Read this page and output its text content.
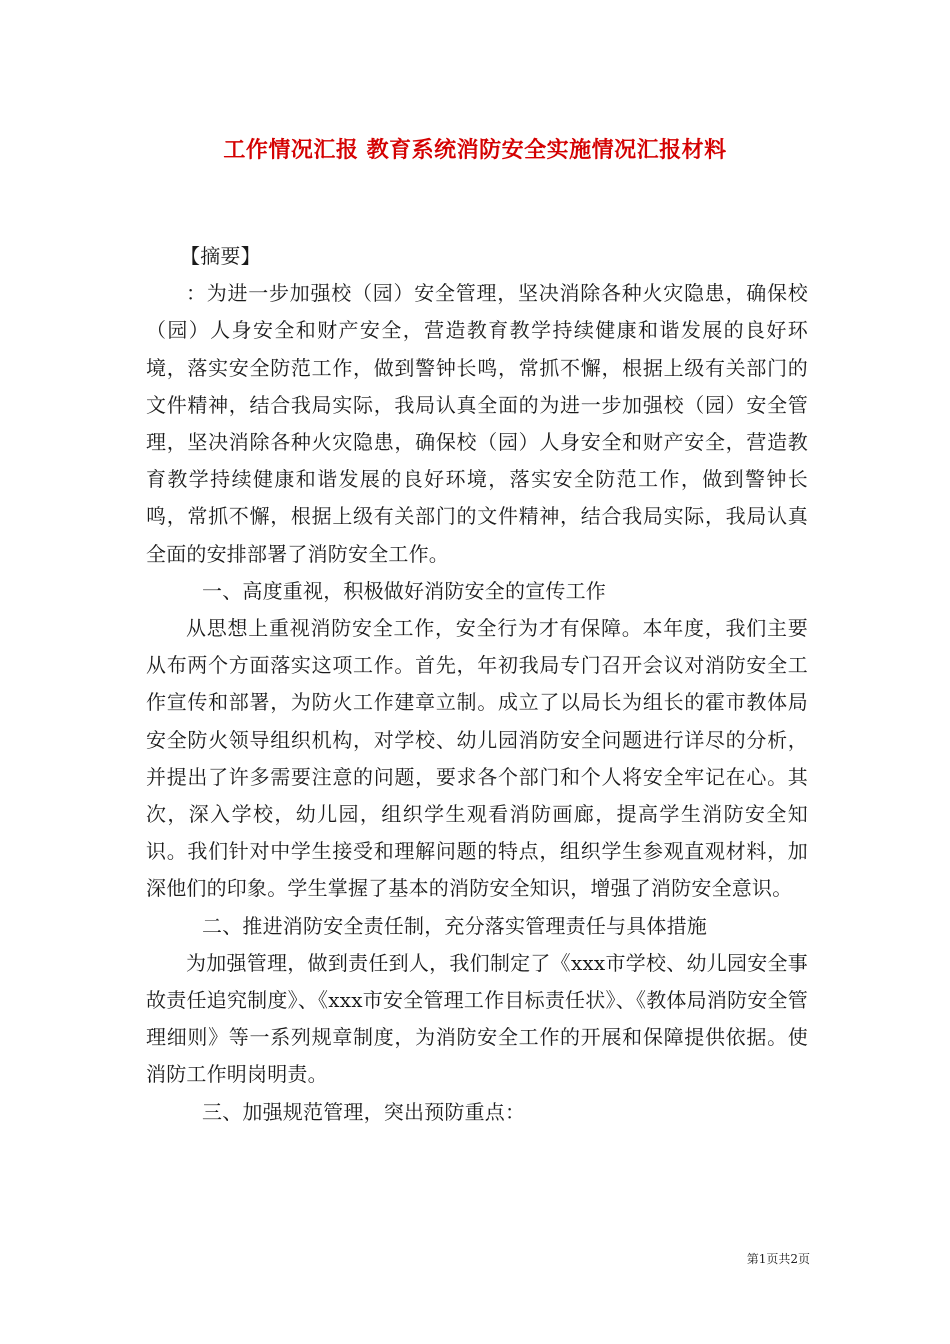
工作情况汇报 教育系统消防安全实施情况汇报材料

【摘要】

：为进一步加强校（园）安全管理，坚决消除各种火灾隐患，确保校（园）人身安全和财产安全，营造教育教学持续健康和谐发展的良好环境，落实安全防范工作，做到警钟长鸣，常抓不懈，根据上级有关部门的文件精神，结合我局实际，我局认真全面的为进一步加强校（园）安全管理，坚决消除各种火灾隐患，确保校（园）人身安全和财产安全，营造教育教学持续健康和谐发展的良好环境，落实安全防范工作，做到警钟长鸣，常抓不懈，根据上级有关部门的文件精神，结合我局实际，我局认真全面的安排部署了消防安全工作。

一、高度重视，积极做好消防安全的宣传工作

从思想上重视消防安全工作，安全行为才有保障。本年度，我们主要从布两个方面落实这项工作。首先，年初我局专门召开会议对消防安全工作宣传和部署，为防火工作建章立制。成立了以局长为组长的霍市教体局安全防火领导组织机构，对学校、幼儿园消防安全问题进行详尽的分析，并提出了许多需要注意的问题，要求各个部门和个人将安全牢记在心。其次，深入学校，幼儿园，组织学生观看消防画廊，提高学生消防安全知识。我们针对中学生接受和理解问题的特点，组织学生参观直观材料，加深他们的印象。学生掌握了基本的消防安全知识，增强了消防安全意识。

二、推进消防安全责任制，充分落实管理责任与具体措施

为加强管理，做到责任到人，我们制定了《xxx市学校、幼儿园安全事故责任追究制度》、《xxx市安全管理工作目标责任状》、《教体局消防安全管理细则》等一系列规章制度，为消防安全工作的开展和保障提供依据。使消防工作明岗明责。

三、加强规范管理，突出预防重点：

第1页共2页
